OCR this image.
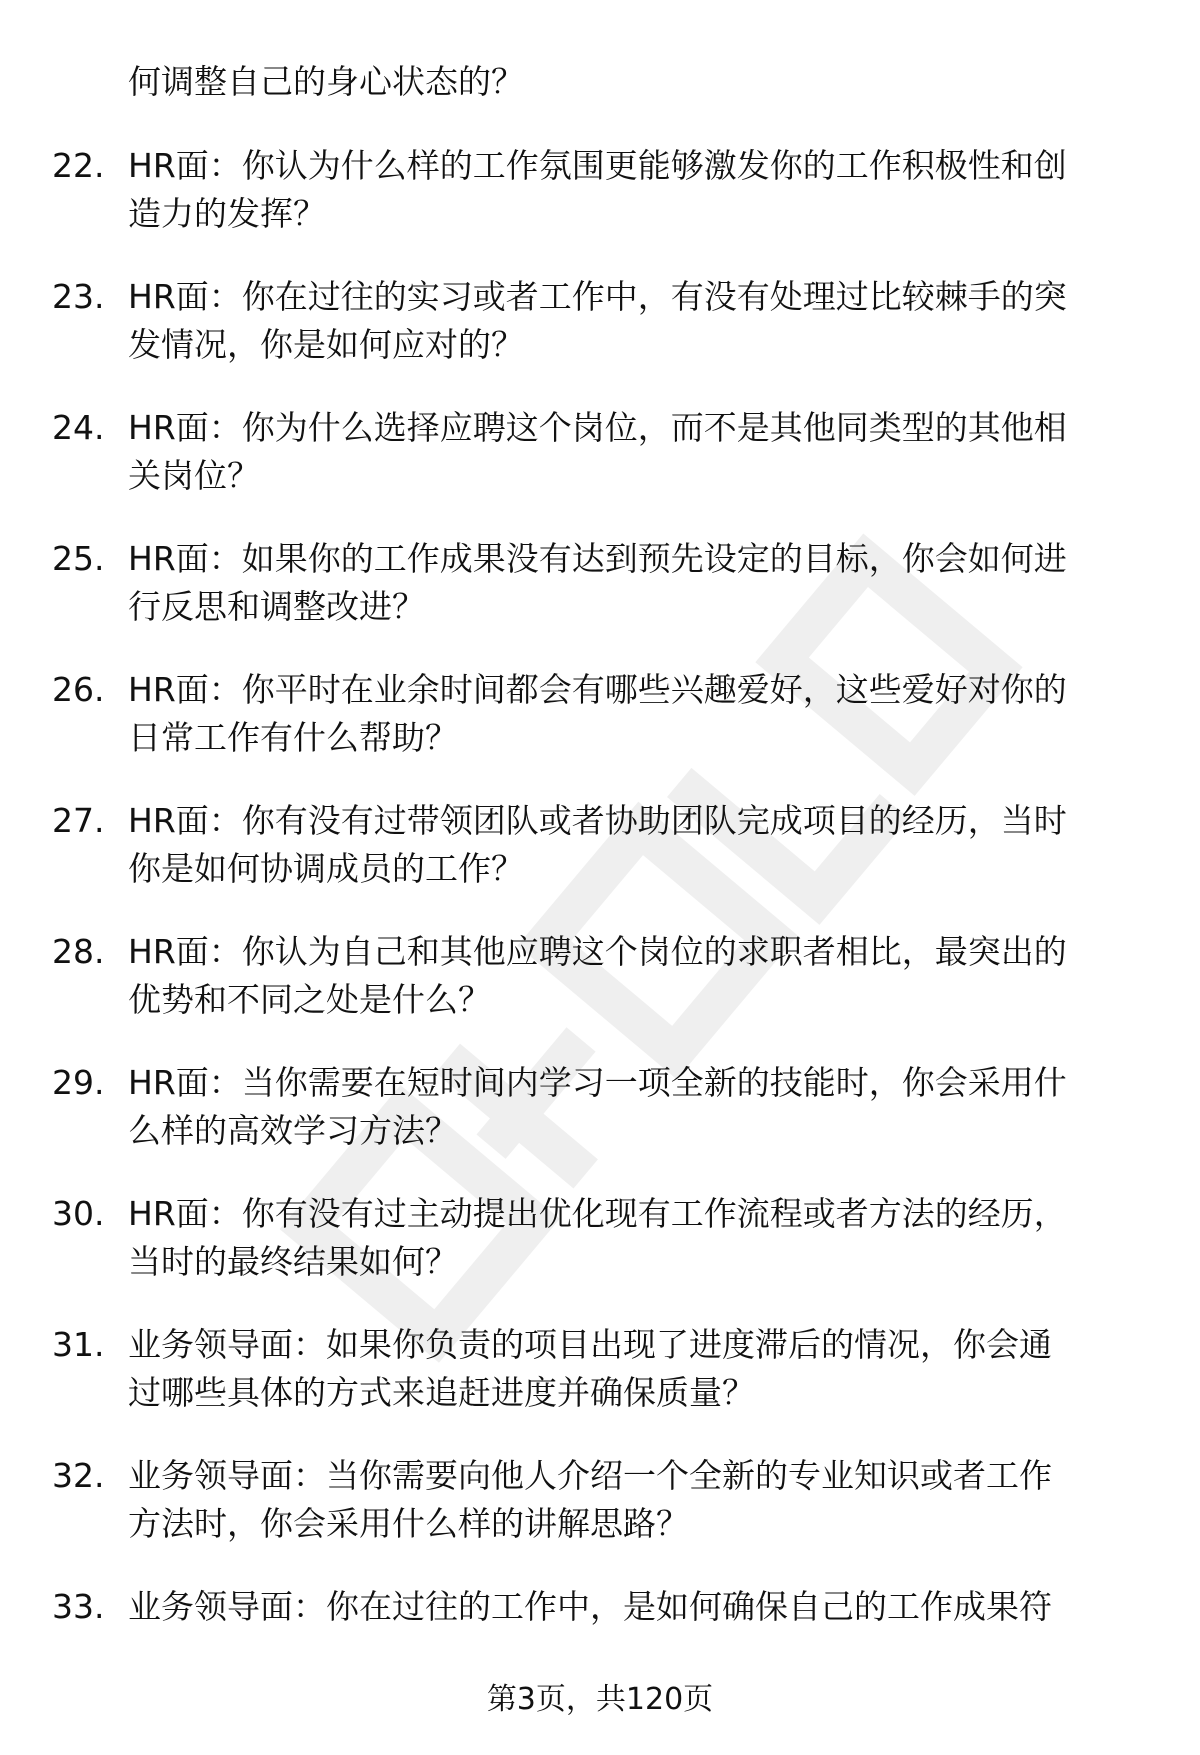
何调整自己的身心状态的？
22. HR面：你认为什么样的工作氛围更能够激发你的工作积极性和创
造力的发挥？
23. HR面：你在过往的实习或者工作中，有没有处理过比较棘手的突
发情况，你是如何应对的？
24. HR面：你为什么选择应聘这个岗位，而不是其他同类型的其他相
关岗位？
25. HR面：如果你的工作成果没有达到预先设定的目标，你会如何进
行反思和调整改进？
26. HR面：你平时在业余时间都会有哪些兴趣爱好，这些爱好对你的
日常工作有什么帮助？
27. HR面：你有没有过带领团队或者协助团队完成项目的经历，当时
你是如何协调成员的工作？
28. HR面：你认为自己和其他应聘这个岗位的求职者相比，最突出的
优势和不同之处是什么？
29. HR面：当你需要在短时间内学习一项全新的技能时，你会采用什
么样的高效学习方法？
30. HR面：你有没有过主动提出优化现有工作流程或者方法的经历，
当时的最终结果如何？
31. 业务领导面：如果你负责的项目出现了进度滞后的情况，你会通
过哪些具体的方式来追赶进度并确保质量？
32. 业务领导面：当你需要向他人介绍一个全新的专业知识或者工作
方法时，你会采用什么样的讲解思路？
33. 业务领导面：你在过往的工作中，是如何确保自己的工作成果符
第3页，共120页
